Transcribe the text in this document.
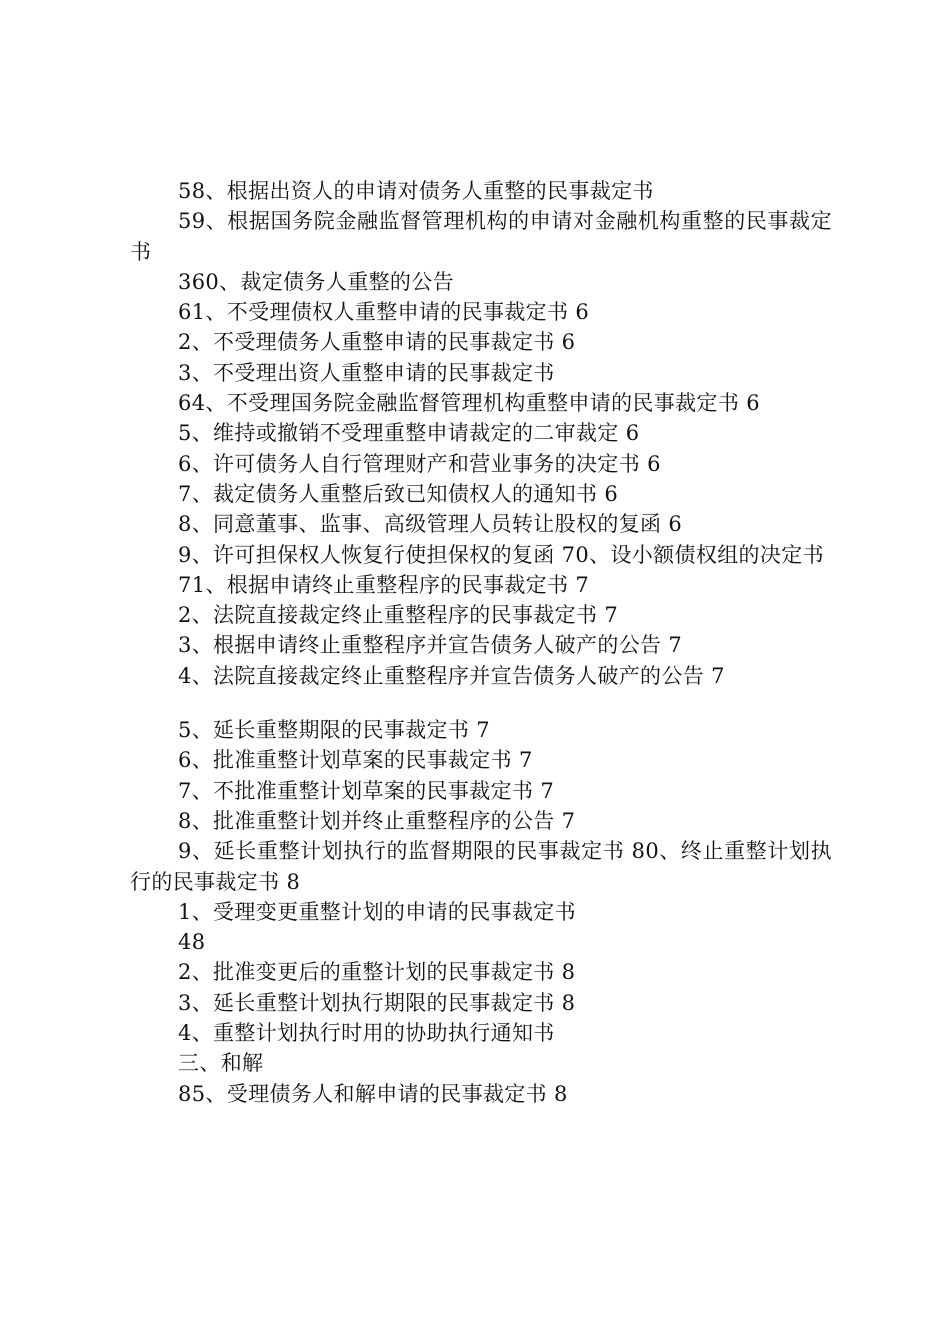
58、根据出资人的申请对债务人重整的民事裁定书

59、根据国务院金融监督管理机构的申请对金融机构重整的民事裁定书

360、裁定债务人重整的公告

61、不受理债权人重整申请的民事裁定书 6

2、不受理债务人重整申请的民事裁定书 6

3、不受理出资人重整申请的民事裁定书

64、不受理国务院金融监督管理机构重整申请的民事裁定书 6

5、维持或撤销不受理重整申请裁定的二审裁定 6

6、许可债务人自行管理财产和营业事务的决定书 6

7、裁定债务人重整后致已知债权人的通知书 6

8、同意董事、监事、高级管理人员转让股权的复函 6

9、许可担保权人恢复行使担保权的复函 70、设小额债权组的决定书

71、根据申请终止重整程序的民事裁定书 7

2、法院直接裁定终止重整程序的民事裁定书 7

3、根据申请终止重整程序并宣告债务人破产的公告 7

4、法院直接裁定终止重整程序并宣告债务人破产的公告 7

5、延长重整期限的民事裁定书 7

6、批准重整计划草案的民事裁定书 7

7、不批准重整计划草案的民事裁定书 7

8、批准重整计划并终止重整程序的公告 7

9、延长重整计划执行的监督期限的民事裁定书 80、终止重整计划执行的民事裁定书 8

1、受理变更重整计划的申请的民事裁定书

48

2、批准变更后的重整计划的民事裁定书 8

3、延长重整计划执行期限的民事裁定书 8

4、重整计划执行时用的协助执行通知书

三、和解

85、受理债务人和解申请的民事裁定书 8
